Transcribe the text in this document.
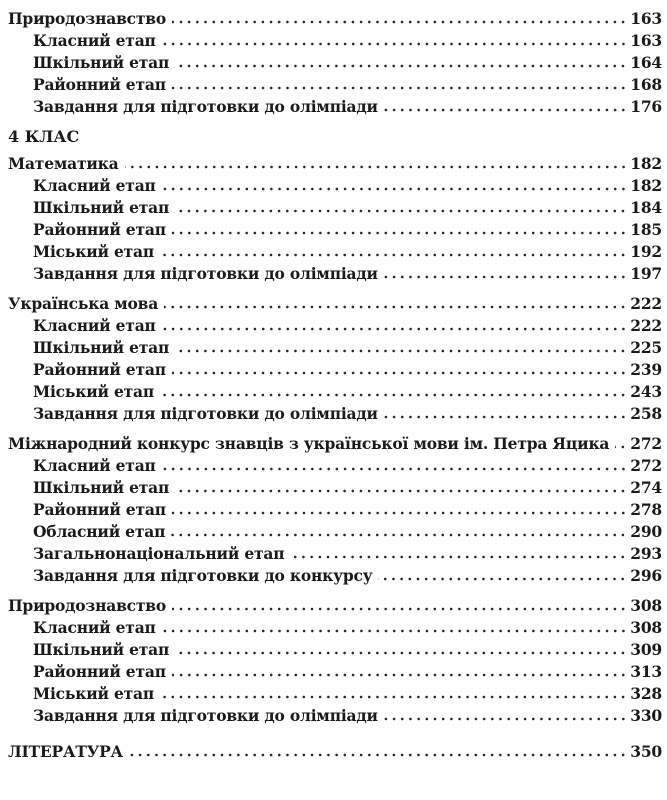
Природознавство	163
Класний етап	163
Шкільний етап	164
Районний етап	168
Завдання для підготовки до олімпіади	176
4 КЛАС
Математика	182
Класний етап	182
Шкільний етап	184
Районний етап	185
Міський етап	192
Завдання для підготовки до олімпіади	197
Українська мова	222
Класний етап	222
Шкільний етап	225
Районний етап	239
Міський етап	243
Завдання для підготовки до олімпіади	258
Міжнародний конкурс знавців з української мови ім. Петра Яцика 272
Класний етап	272
Шкільний етап	274
Районний етап	278
Обласний етап	290
Загальнонаціональний етап	293
Завдання для підготовки до конкурсу	296
Природознавство	308
Класний етап	308
Шкільний етап	309
Районний етап	313
Міський етап	328
Завдання для підготовки до олімпіади	330
ЛІТЕРАТУРА	350
